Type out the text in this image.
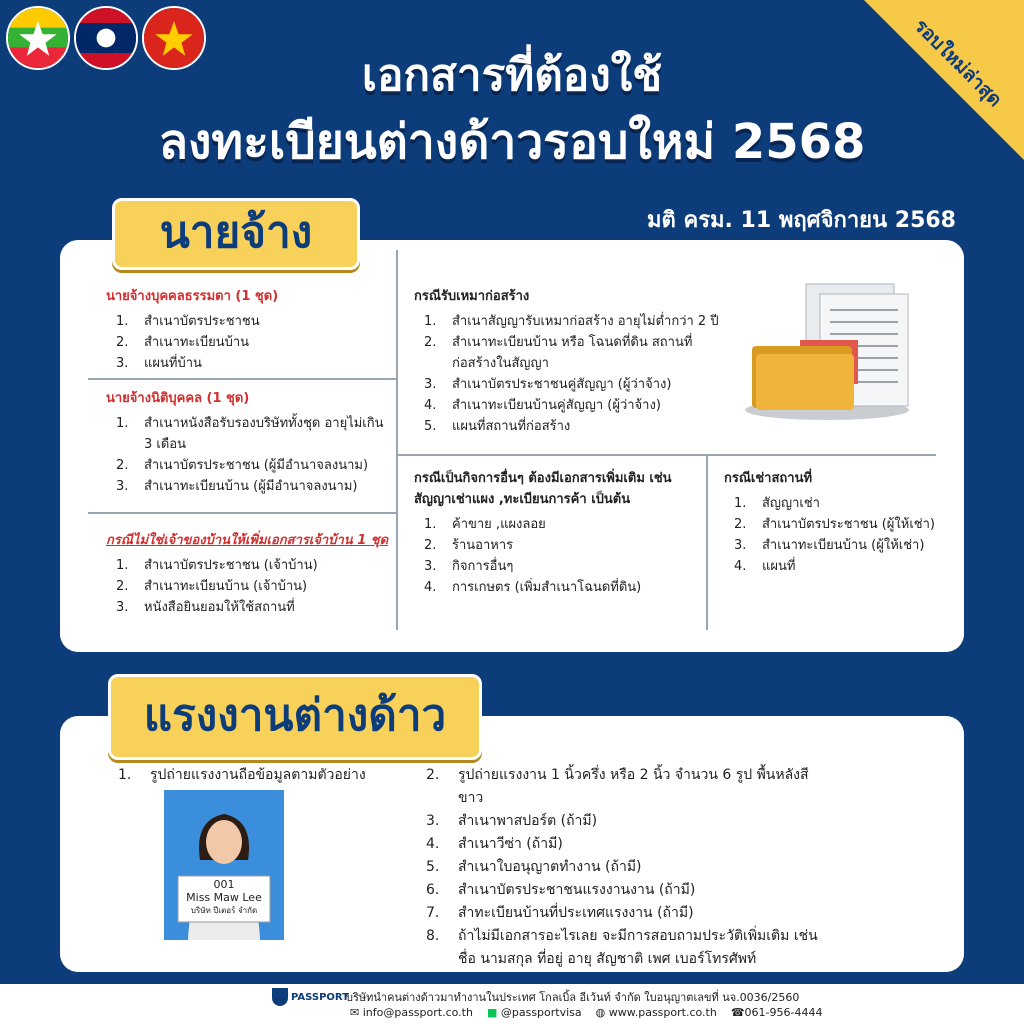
รอบใหม่ล่าสุด
เอกสารที่ต้องใช้
ลงทะเบียนต่างด้าวรอบใหม่ 2568
มติ ครม. 11 พฤศจิกายน 2568
นายจ้าง
นายจ้างบุคคลธรรมดา (1 ชุด)
1.	สำเนาบัตรประชาชน
2.	สำเนาทะเบียนบ้าน
3.	แผนที่บ้าน
นายจ้างนิติบุคคล (1 ชุด)
1.	สำเนาหนังสือรับรองบริษัททั้งชุด อายุไม่เกิน 3 เดือน
2.	สำเนาบัตรประชาชน (ผู้มีอำนาจลงนาม)
3.	สำเนาทะเบียนบ้าน (ผู้มีอำนาจลงนาม)
กรณีไม่ใช่เจ้าของบ้านให้เพิ่มเอกสารเจ้าบ้าน 1 ชุด
1.	สำเนาบัตรประชาชน (เจ้าบ้าน)
2.	สำเนาทะเบียนบ้าน (เจ้าบ้าน)
3.	หนังสือยินยอมให้ใช้สถานที่
กรณีรับเหมาก่อสร้าง
1.	สำเนาสัญญารับเหมาก่อสร้าง อายุไม่ต่ำกว่า 2 ปี
2.	สำเนาทะเบียนบ้าน หรือ โฉนดที่ดิน สถานที่ก่อสร้างในสัญญา
3.	สำเนาบัตรประชาชนคู่สัญญา (ผู้ว่าจ้าง)
4.	สำเนาทะเบียนบ้านคู่สัญญา (ผู้ว่าจ้าง)
5.	แผนที่สถานที่ก่อสร้าง
กรณีเป็นกิจการอื่นๆ ต้องมีเอกสารเพิ่มเติม เช่น สัญญาเช่าแผง ,ทะเบียนการค้า เป็นต้น
1.	ค้าขาย ,แผงลอย
2.	ร้านอาหาร
3.	กิจการอื่นๆ
4.	การเกษตร (เพิ่มสำเนาโฉนดที่ดิน)
กรณีเช่าสถานที่
1.	สัญญาเช่า
2.	สำเนาบัตรประชาชน (ผู้ให้เช่า)
3.	สำเนาทะเบียนบ้าน (ผู้ให้เช่า)
4.	แผนที่
แรงงานต่างด้าว
1.	รูปถ่ายแรงงานถือข้อมูลตามตัวอย่าง
001
Miss Maw Lee
บริษัท ปีเตอร์ จำกัด
2.	รูปถ่ายแรงงาน 1 นิ้วครึ่ง หรือ 2 นิ้ว จำนวน 6 รูป พื้นหลังสีขาว
3.	สำเนาพาสปอร์ต (ถ้ามี)
4.	สำเนาวีซ่า (ถ้ามี)
5.	สำเนาใบอนุญาตทำงาน (ถ้ามี)
6.	สำเนาบัตรประชาชนแรงงานงาน (ถ้ามี)
7.	สำทะเบียนบ้านที่ประเทศแรงงาน (ถ้ามี)
8.	ถ้าไม่มีเอกสารอะไรเลย จะมีการสอบถามประวัติเพิ่มเติม เช่น ชื่อ นามสกุล ที่อยู่ อายุ สัญชาติ เพศ เบอร์โทรศัพท์
PASSPORT
บริษัทนำคนต่างด้าวมาทำงานในประเทศ โกลเบิ้ล อีเว้นท์ จำกัด ใบอนุญาตเลขที่ นจ.0036/2560
✉ info@passport.co.th ■ @passportvisa ◍ www.passport.co.th ☎061-956-4444
